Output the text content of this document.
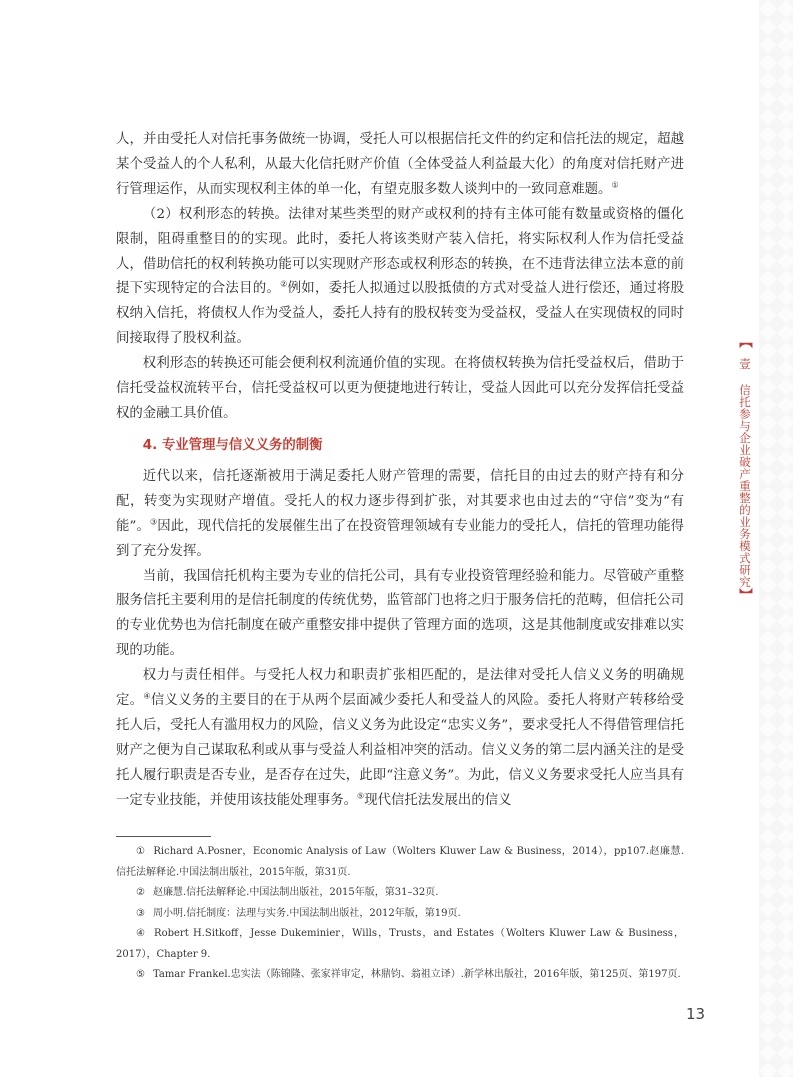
人，并由受托人对信托事务做统一协调，受托人可以根据信托文件的约定和信托法的规定，超越某个受益人的个人私利，从最大化信托财产价值（全体受益人利益最大化）的角度对信托财产进行管理运作，从而实现权利主体的单一化，有望克服多数人谈判中的一致同意难题。①

（2）权利形态的转换。法律对某些类型的财产或权利的持有主体可能有数量或资格的僵化限制，阻碍重整目的的实现。此时，委托人将该类财产装入信托，将实际权利人作为信托受益人，借助信托的权利转换功能可以实现财产形态或权利形态的转换，在不违背法律立法本意的前提下实现特定的合法目的。②例如，委托人拟通过以股抵债的方式对受益人进行偿还，通过将股权纳入信托，将债权人作为受益人，委托人持有的股权转变为受益权，受益人在实现债权的同时间接取得了股权利益。

权利形态的转换还可能会便利权利流通价值的实现。在将债权转换为信托受益权后，借助于信托受益权流转平台，信托受益权可以更为便捷地进行转让，受益人因此可以充分发挥信托受益权的金融工具价值。

4. 专业管理与信义义务的制衡

近代以来，信托逐渐被用于满足委托人财产管理的需要，信托目的由过去的财产持有和分配，转变为实现财产增值。受托人的权力逐步得到扩张，对其要求也由过去的“守信”变为“有能”。③因此，现代信托的发展催生出了在投资管理领域有专业能力的受托人，信托的管理功能得到了充分发挥。

当前，我国信托机构主要为专业的信托公司，具有专业投资管理经验和能力。尽管破产重整服务信托主要利用的是信托制度的传统优势，监管部门也将之归于服务信托的范畴，但信托公司的专业优势也为信托制度在破产重整安排中提供了管理方面的选项，这是其他制度或安排难以实现的功能。

权力与责任相伴。与受托人权力和职责扩张相匹配的，是法律对受托人信义义务的明确规定。④信义义务的主要目的在于从两个层面减少委托人和受益人的风险。委托人将财产转移给受托人后，受托人有滥用权力的风险，信义义务为此设定“忠实义务”，要求受托人不得借管理信托财产之便为自己谋取私利或从事与受益人利益相冲突的活动。信义义务的第二层内涵关注的是受托人履行职责是否专业，是否存在过失，此即“注意义务”。为此，信义义务要求受托人应当具有一定专业技能，并使用该技能处理事务。⑤现代信托法发展出的信义

① Richard A.Posner，Economic Analysis of Law（Wolters Kluwer Law & Business，2014），pp107.赵廉慧.信托法解释论.中国法制出版社，2015年版，第31页.

② 赵廉慧.信托法解释论.中国法制出版社，2015年版，第31–32页.

③ 周小明.信托制度：法理与实务.中国法制出版社，2012年版，第19页.

④ Robert H.Sitkoff，Jesse Dukeminier，Wills，Trusts，and Estates（Wolters Kluwer Law & Business，2017），Chapter 9.

⑤ Tamar Frankel.忠实法（陈锦隆、张家祥审定，林鼎钧、翁祖立译）.新学林出版社，2016年版，第125页、第197页.

13
【
壹
信托参与企业破产重整的业务模式研究
】
